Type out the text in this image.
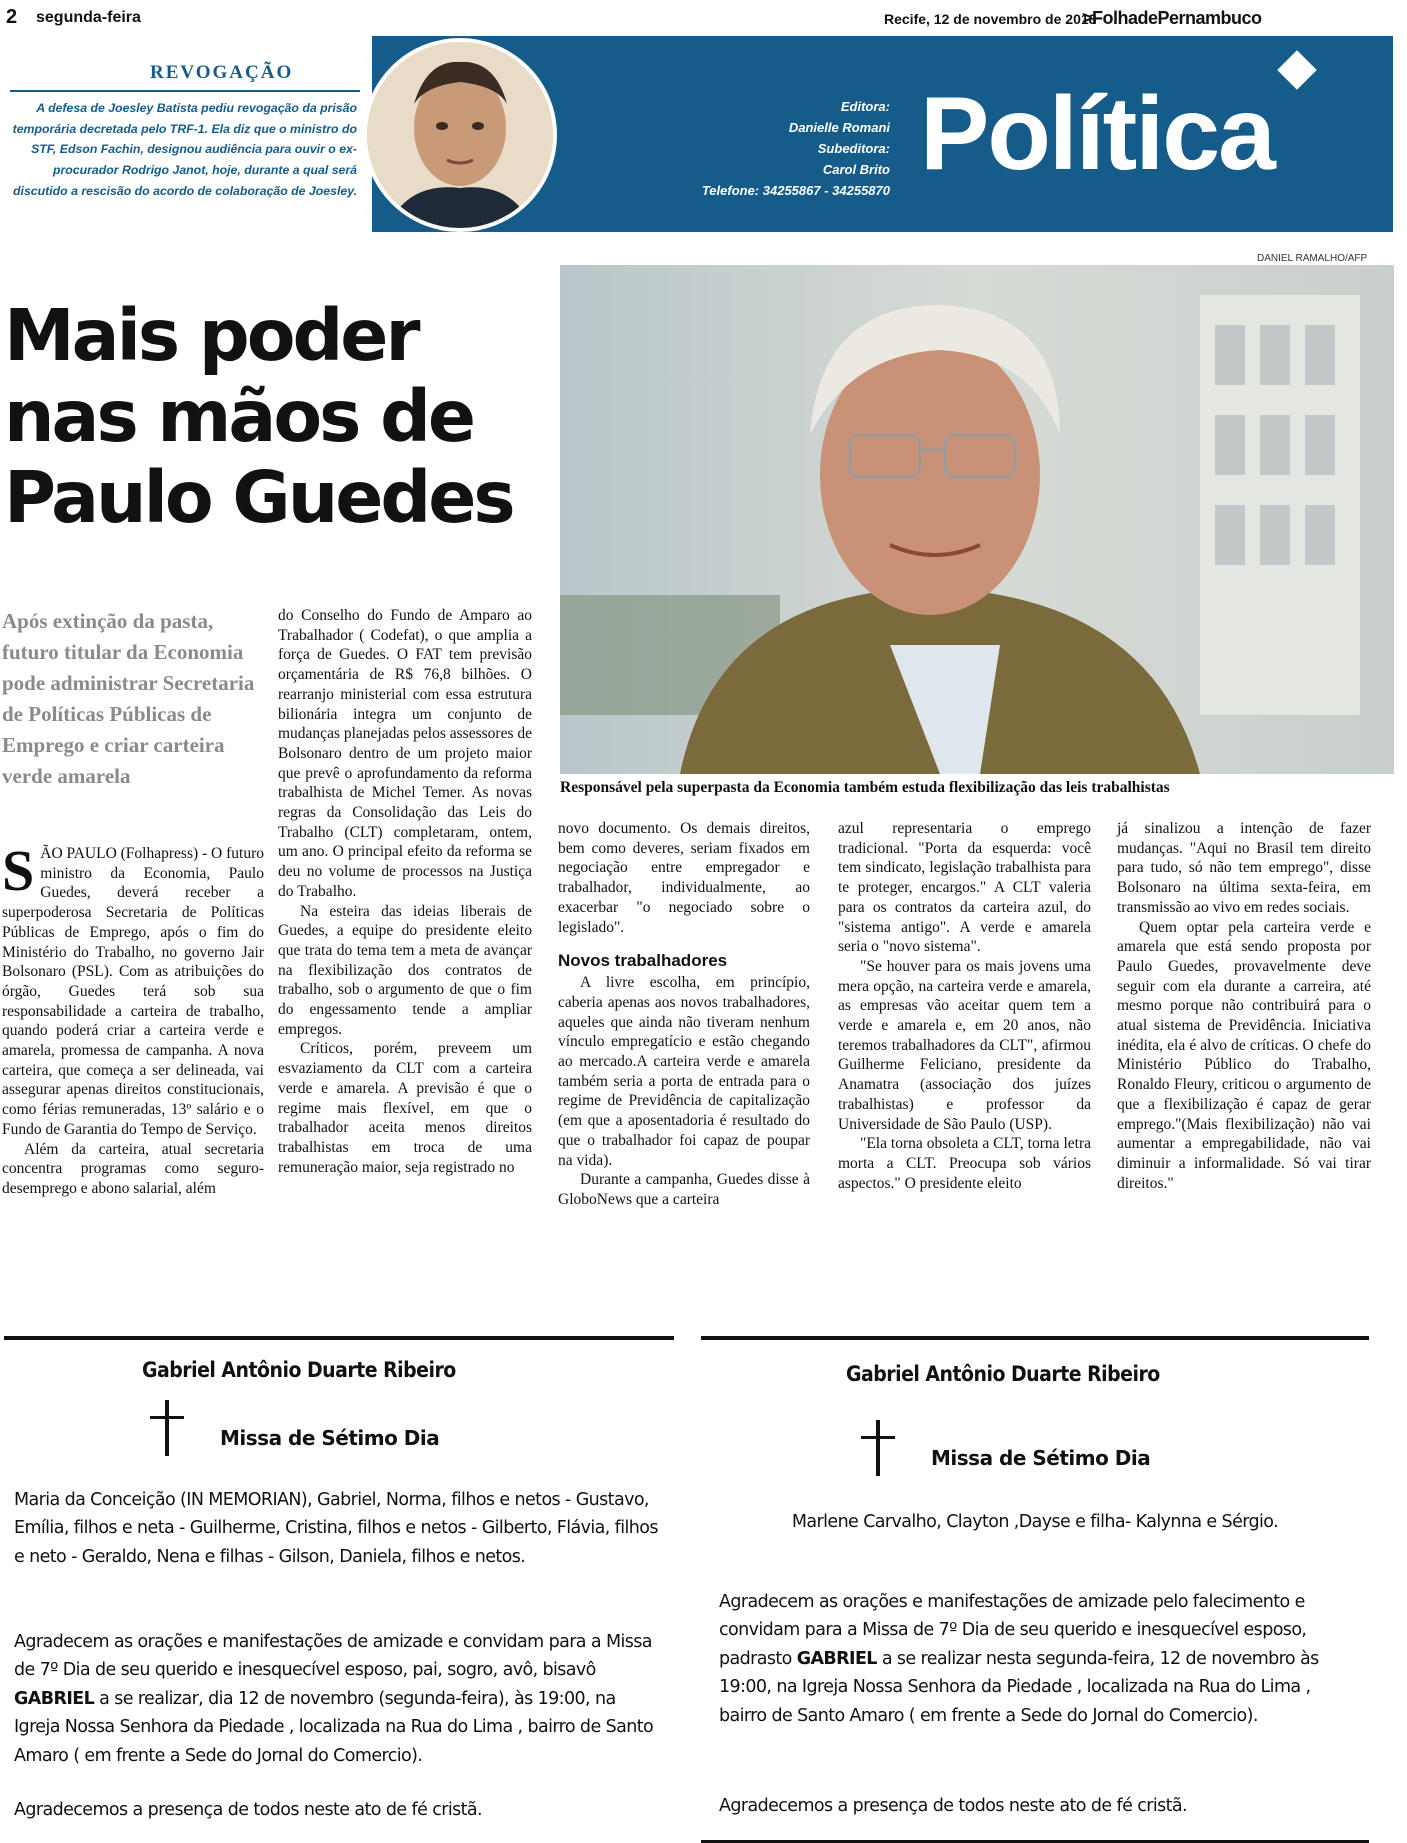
2 segunda-feira	Recife, 12 de novembro de 2018
>FolhadePernambuco
Editora:
Danielle Romani
Subeditora:
Carol Brito
Telefone: 34255867 - 34255870 Política
politica@folhape.com.br
REVOGAÇÃO
A defesa de Joesley Batista pediu revogação da prisão temporária decretada pelo TRF-1. Ela diz que o ministro do STF, Edson Fachin, designou audiência para ouvir o ex-procurador Rodrigo Janot, hoje, durante a qual será discutido a rescisão do acordo de colaboração de Joesley.
DANIEL RAMALHO/AFP
Responsável pela superpasta da Economia também estuda flexibilização das leis trabalhistas
Mais poder nas mãos de Paulo Guedes
Após extinção da pasta, futuro titular da Economia pode administrar Secretaria de Políticas Públicas de Emprego e criar carteira verde amarela

SÃO PAULO (Folhapress) - O futuro ministro da Economia, Paulo Guedes, deverá receber a superpoderosa Secretaria de Políticas Públicas de Emprego, após o fim do Ministério do Trabalho, no governo Jair Bolsonaro (PSL). Com as atribuições do órgão, Guedes terá sob sua responsabilidade a carteira de trabalho, quando poderá criar a carteira verde e amarela, promessa de campanha. A nova carteira, que começa a ser delineada, vai assegurar apenas direitos constitucionais, como férias remuneradas, 13º salário e o Fundo de Garantia do Tempo de Serviço.

Além da carteira, atual secretaria concentra programas como seguro-desemprego e abono salarial, além

do Conselho do Fundo de Amparo ao Trabalhador ( Codefat), o que amplia a força de Guedes. O FAT tem previsão orçamentária de R$ 76,8 bilhões. O rearranjo ministerial com essa estrutura bilionária integra um conjunto de mudanças planejadas pelos assessores de Bolsonaro dentro de um projeto maior que prevê o aprofundamento da reforma trabalhista de Michel Temer. As novas regras da Consolidação das Leis do Trabalho (CLT) completaram, ontem, um ano. O principal efeito da reforma se deu no volume de processos na Justiça do Trabalho.

Na esteira das ideias liberais de Guedes, a equipe do presidente eleito que trata do tema tem a meta de avançar na flexibilização dos contratos de trabalho, sob o argumento de que o fim do engessamento tende a ampliar empregos.

Críticos, porém, preveem um esvaziamento da CLT com a carteira verde e amarela. A previsão é que o regime mais flexível, em que o trabalhador aceita menos direitos trabalhistas em troca de uma remuneração maior, seja registrado no

novo documento. Os demais direitos, bem como deveres, seriam fixados em negociação entre empregador e trabalhador, individualmente, ao exacerbar "o negociado sobre o legislado".

Novos trabalhadores

A livre escolha, em princípio, caberia apenas aos novos trabalhadores, aqueles que ainda não tiveram nenhum vínculo empregatício e estão chegando ao mercado.A carteira verde e amarela também seria a porta de entrada para o regime de Previdência de capitalização (em que a aposentadoria é resultado do que o trabalhador foi capaz de poupar na vida).

Durante a campanha, Guedes disse à GloboNews que a carteira

azul representaria o emprego tradicional. "Porta da esquerda: você tem sindicato, legislação trabalhista para te proteger, encargos." A CLT valeria para os contratos da carteira azul, do "sistema antigo". A verde e amarela seria o "novo sistema".

"Se houver para os mais jovens uma mera opção, na carteira verde e amarela, as empresas vão aceitar quem tem a verde e amarela e, em 20 anos, não teremos trabalhadores da CLT", afirmou Guilherme Feliciano, presidente da Anamatra (associação dos juízes trabalhistas) e professor da Universidade de São Paulo (USP).

"Ela torna obsoleta a CLT, torna letra morta a CLT. Preocupa sob vários aspectos." O presidente eleito

já sinalizou a intenção de fazer mudanças. "Aqui no Brasil tem direito para tudo, só não tem emprego", disse Bolsonaro na última sexta-feira, em transmissão ao vivo em redes sociais.

Quem optar pela carteira verde e amarela que está sendo proposta por Paulo Guedes, provavelmente deve seguir com ela durante a carreira, até mesmo porque não contribuirá para o atual sistema de Previdência. Iniciativa inédita, ela é alvo de críticas. O chefe do Ministério Público do Trabalho, Ronaldo Fleury, criticou o argumento de que a flexibilização é capaz de gerar emprego."(Mais flexibilização) não vai aumentar a empregabilidade, não vai diminuir a informalidade. Só vai tirar direitos."

Gabriel Antônio Duarte Ribeiro
Missa de Sétimo Dia
Maria da Conceição (IN MEMORIAN), Gabriel, Norma, filhos e netos - Gustavo, Emília, filhos e neta - Guilherme, Cristina, filhos e netos - Gilberto, Flávia, filhos e neto - Geraldo, Nena e filhas - Gilson, Daniela, filhos e netos.
Agradecem as orações e manifestações de amizade e convidam para a Missa de 7º Dia de seu querido e inesquecível esposo, pai, sogro, avô, bisavô GABRIEL a se realizar, dia 12 de novembro (segunda-feira), às 19:00, na Igreja Nossa Senhora da Piedade , localizada na Rua do Lima , bairro de Santo Amaro ( em frente a Sede do Jornal do Comercio).
Agradecemos a presença de todos neste ato de fé cristã.
Gabriel Antônio Duarte Ribeiro
Missa de Sétimo Dia
Marlene Carvalho, Clayton ,Dayse e filha- Kalynna e Sérgio.
Agradecem as orações e manifestações de amizade pelo falecimento e convidam para a Missa de 7º Dia de seu querido e inesquecível esposo, padrasto GABRIEL a se realizar nesta segunda-feira, 12 de novembro às 19:00, na Igreja Nossa Senhora da Piedade , localizada na Rua do Lima , bairro de Santo Amaro ( em frente a Sede do Jornal do Comercio).
Agradecemos a presença de todos neste ato de fé cristã.
